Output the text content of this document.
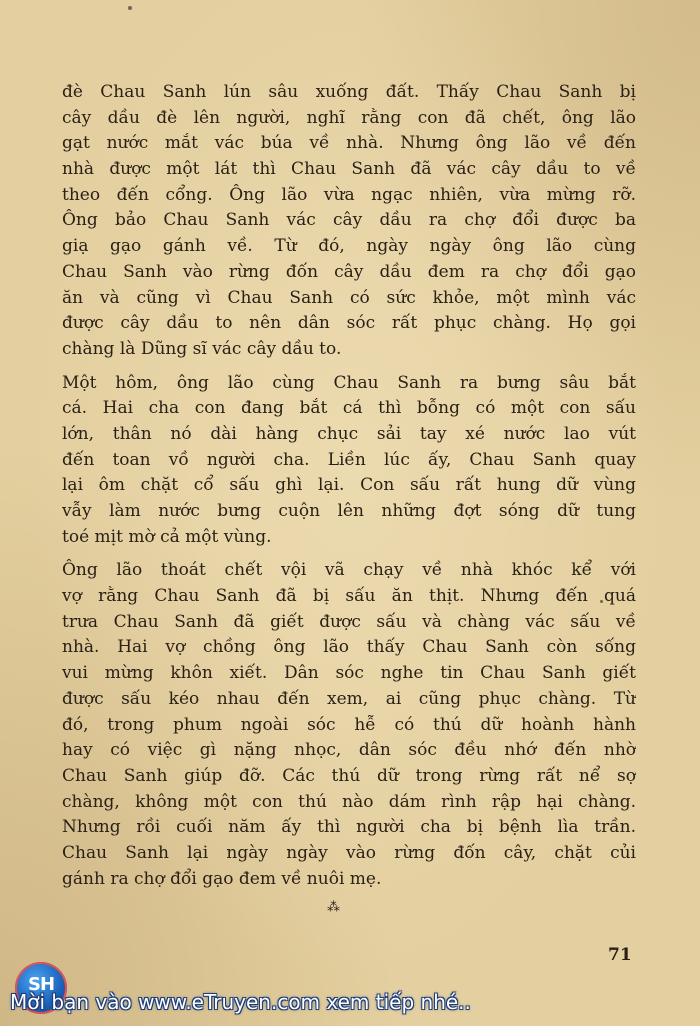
đè Chau Sanh lún sâu xuống đất. Thấy Chau Sanh bị
cây dầu đè lên người, nghĩ rằng con đã chết, ông lão
gạt nước mắt vác búa về nhà. Nhưng ông lão về đến
nhà được một lát thì Chau Sanh đã vác cây dầu to về
theo đến cổng. Ông lão vừa ngạc nhiên, vừa mừng rỡ.
Ông bảo Chau Sanh vác cây dầu ra chợ đổi được ba
giạ gạo gánh về. Từ đó, ngày ngày ông lão cùng
Chau Sanh vào rừng đốn cây dầu đem ra chợ đổi gạo
ăn và cũng vì Chau Sanh có sức khỏe, một mình vác
được cây dầu to nên dân sóc rất phục chàng. Họ gọi
chàng là Dũng sĩ vác cây dầu to.

Một hôm, ông lão cùng Chau Sanh ra bưng sâu bắt
cá. Hai cha con đang bắt cá thì bỗng có một con sấu
lớn, thân nó dài hàng chục sải tay xé nước lao vút
đến toan vồ người cha. Liền lúc ấy, Chau Sanh quay
lại ôm chặt cổ sấu ghì lại. Con sấu rất hung dữ vùng
vẫy làm nước bưng cuộn lên những đợt sóng dữ tung
toé mịt mờ cả một vùng.

Ông lão thoát chết vội vã chạy về nhà khóc kể với
vợ rằng Chau Sanh đã bị sấu ăn thịt. Nhưng đến quá
trưa Chau Sanh đã giết được sấu và chàng vác sấu về
nhà. Hai vợ chồng ông lão thấy Chau Sanh còn sống
vui mừng khôn xiết. Dân sóc nghe tin Chau Sanh giết
được sấu kéo nhau đến xem, ai cũng phục chàng. Từ
đó, trong phum ngoài sóc hễ có thú dữ hoành hành
hay có việc gì nặng nhọc, dân sóc đều nhớ đến nhờ
Chau Sanh giúp đỡ. Các thú dữ trong rừng rất nể sợ
chàng, không một con thú nào dám rình rập hại chàng.
Nhưng rồi cuối năm ấy thì người cha bị bệnh lìa trần.
Chau Sanh lại ngày ngày vào rừng đốn cây, chặt củi
gánh ra chợ đổi gạo đem về nuôi mẹ.

⁂
71
SH
Mời bạn vào www.eTruyen.com xem tiếp nhé..
